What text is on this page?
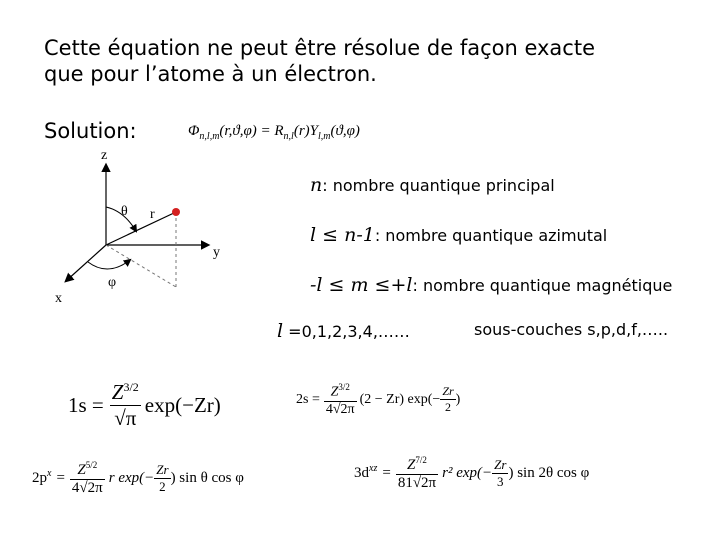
Cette équation ne peut être résolue de façon exacte
que pour l’atome à un électron.
Solution:	$\Phi_{n,l,m}(r,ϑ,\varphi) = R_{n,l}(r)Y_{l,m}(ϑ,\varphi)$
z
y
x
θ r
φ
n: nombre quantique principal
l ≤ n-1: nombre quantique azimutal
-l ≤ m ≤+l: nombre quantique magnétique
l =0,1,2,3,4,……	sous-couches s,p,d,f,…..
$1s = \frac{Z^{3/2}}{√\pi} \exp(-Zr)$	$2s = \frac{Z^{3/2}}{4√2\pi} (2 - Zr)$ $\exp(- \frac{Zr}{2}$ )
$2p^x = \frac{Z^{5/2}}{4√2\pi}$ r $\exp(- \frac{Zr}{2}$ ) sin θ cos φ	$3d^{xz} = \frac{Z^{7/2}}{81√2\pi} r^2$ $\exp(- \frac{Zr}{3}$ ) sin 2θ cos φ
